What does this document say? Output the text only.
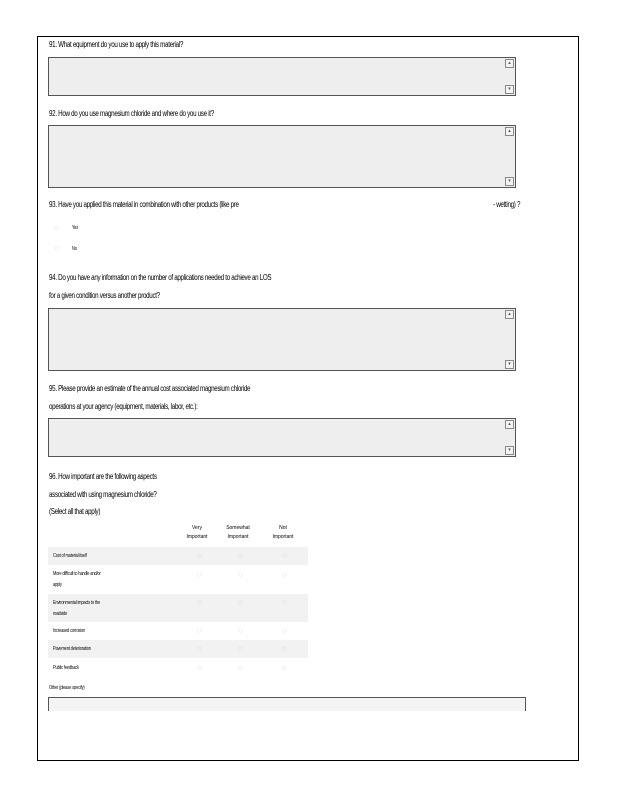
91. What equipment do you use to apply this material?
▴
▾
92. How do you use magnesium chloride and where do you use it?
▴
▾
93. Have you applied this material in combination with other products (like pre	- wetting) ?
◌	Yes
◌	No
94. Do you have any information on the number of applications needed to achieve an LOS
for a given condition versus another product?
▴
▾
95. Please provide an estimate of the annual cost associated magnesium chloride
operations at your agency (equipment, materials, labor, etc.):
▴
▾
96. How important are the following aspects
associated with using magnesium chloride?
(Select all that apply)
Very
Important
Somewhat
Important
Not
Important
Cost of material itself	◌	◌	◌
More difficult to handle and/or
apply
◌	◌	◌
Environmental impacts to the
roadside
◌	◌	◌
Increased corrosion	◌	◌	◌
Pavement deterioration	◌	◌	◌
Public feedback	◌	◌	◌
Other (please specify)
